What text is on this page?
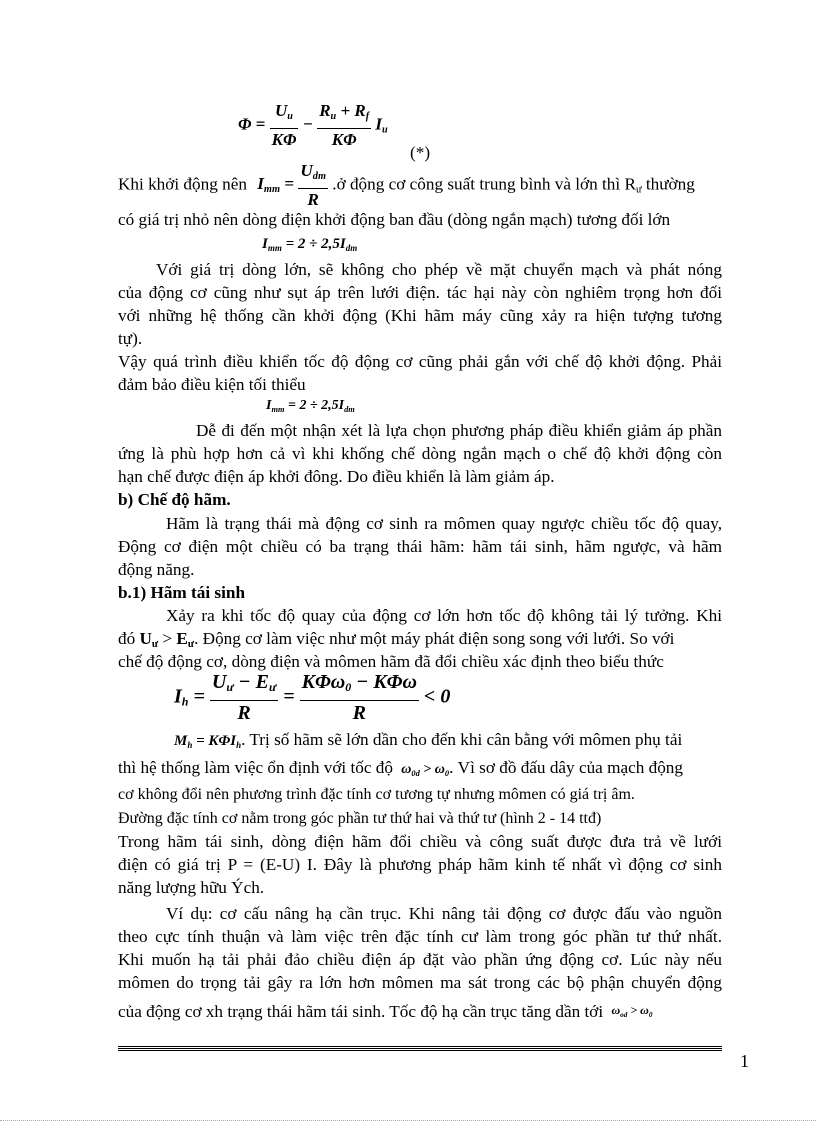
$\Phi = \frac{U_u}{K\Phi} - \frac{R_u + R_f}{K\Phi} I_u$
(*)
Khi khởi động nên $I_{mm} = \frac{U_{dm}}{R}$ .ở động cơ công suất trung bình và lớn thì $R_ư$ thường
có giá trị nhỏ nên dòng điện khởi động ban đầu (dòng ngắn mạch) tương đối lớn
$I_{mm} = 2 \div 2,5I_{dm}$
Với giá trị dòng lớn, sẽ không cho phép về mặt chuyển mạch và phát nóng
của động cơ cũng như sụt áp trên lưới điện. tác hại này còn nghiêm trọng hơn đối
với những hệ thống cần khởi động (Khi hãm máy cũng xảy ra hiện tượng tương
tự).
Vậy quá trình điều khiển tốc độ động cơ cũng phải gắn với chế độ khởi động. Phải
đảm bảo điều kiện tối thiểu
$I_{mm} = 2 \div 2,5I_{dm}$
Dễ đi đến một nhận xét là lựa chọn phương pháp điều khiển giảm áp phần
ứng là phù hợp hơn cả vì khi khống chế dòng ngắn mạch o chế độ khởi động còn
hạn chế được điện áp khởi đông. Do điều khiển là làm giảm áp.
b) Chế độ hãm.
Hãm là trạng thái mà động cơ sinh ra mômen quay ngược chiều tốc độ quay,
Động cơ điện một chiều có ba trạng thái hãm: hãm tái sinh, hãm ngược, và hãm
động năng.
b.1) Hãm tái sinh
Xảy ra khi tốc độ quay của động cơ lớn hơn tốc độ không tải lý tưởng. Khi
đó $U_ư > E_ư$. Động cơ làm việc như một máy phát điện song song với lưới. So với
chế độ động cơ, dòng điện và mômen hãm đã đổi chiều xác định theo biểu thức
$I_h = \frac{U_ư - E_ư}{R} = \frac{K\Phi\omega_0 - K\Phi\omega}{R} < 0$
$M_h = K\Phi I_h$. Trị số hãm sẽ lớn dần cho đến khi cân bằng với mômen phụ tải
thì hệ thống làm việc ổn định với tốc độ $\omega_{0d} > \omega_0$. Vì sơ đồ đấu dây của mạch động
cơ không đổi nên phương trình đặc tính cơ tương tự nhưng mômen có giá trị âm.
Đường đặc tính cơ nằm trong góc phần tư thứ hai và thứ tư (hình 2 - 14 ttđ)
Trong hãm tái sinh, dòng điện hãm đổi chiều và công suất được đưa trả về lưới
điện có giá trị P = (E-U) I. Đây là phương pháp hãm kinh tế nhất vì động cơ sinh
năng lượng hữu Ých.
Ví dụ: cơ cấu nâng hạ cần trục. Khi nâng tải động cơ được đấu vào nguồn
theo cực tính thuận và làm việc trên đặc tính cư làm trong góc phần tư thứ nhất.
Khi muốn hạ tải phải đảo chiều điện áp đặt vào phần ứng động cơ. Lúc này nếu
mômen do trọng tải gây ra lớn hơn mômen ma sát trong các bộ phận chuyển động
của động cơ xh trạng thái hãm tái sinh. Tốc độ hạ cần trục tăng dần tới $\omega_{od} > \omega_0$
1
